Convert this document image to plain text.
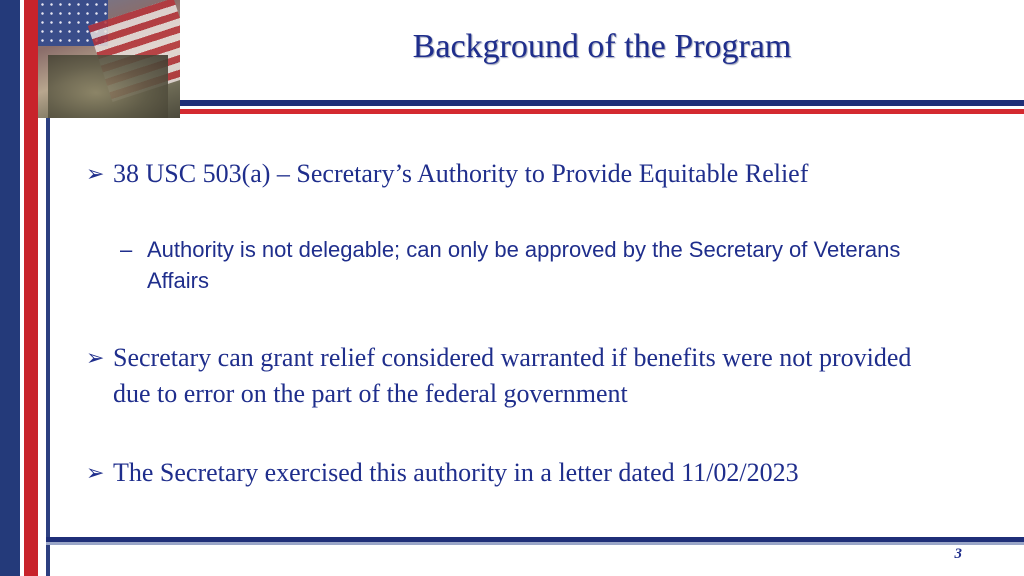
Background of the Program
➢ 38 USC 503(a) – Secretary’s Authority to Provide Equitable Relief
– Authority is not delegable; can only be approved by the Secretary of Veterans Affairs
➢ Secretary can grant relief considered warranted if benefits were not provided due to error on the part of the federal government
➢ The Secretary exercised this authority in a letter dated 11/02/2023
3
